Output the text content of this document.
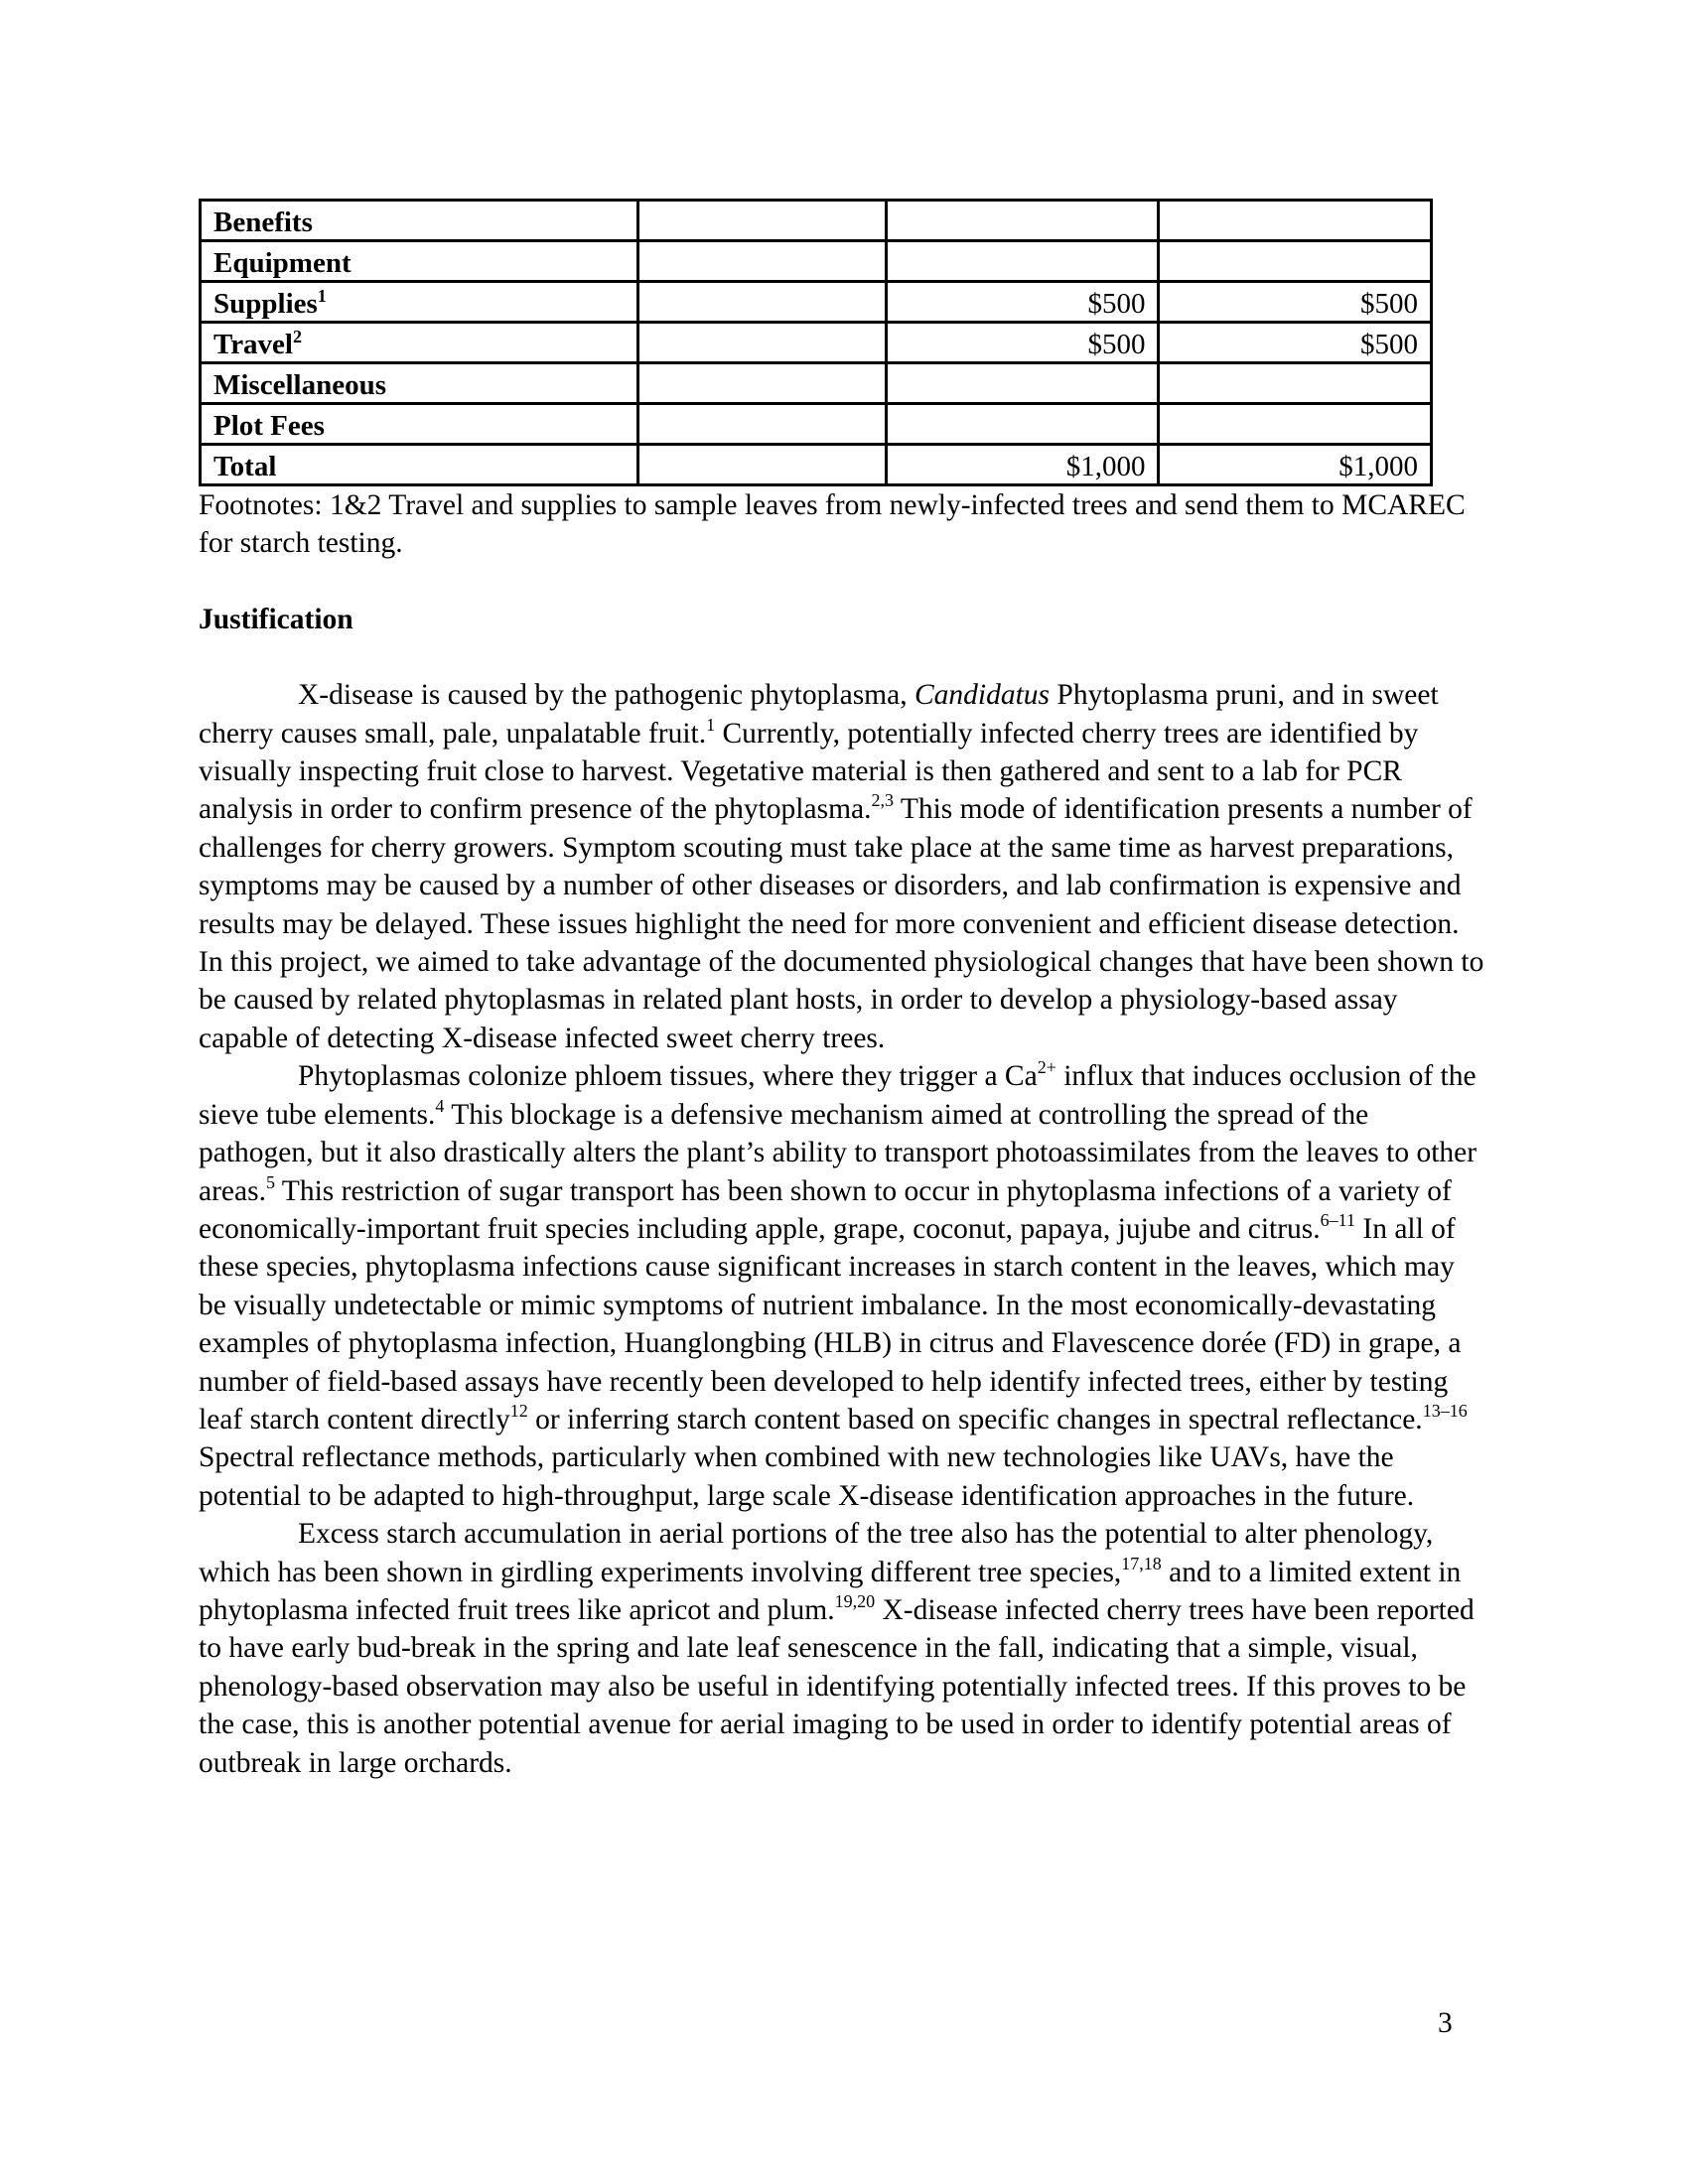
Benefits			
Equipment			
Supplies$^1$		$500	$500
Travel$^2$		$500	$500
Miscellaneous			
Plot Fees			
Total		$1,000	$1,000

Footnotes: 1&2 Travel and supplies to sample leaves from newly-infected trees and send them to MCAREC for starch testing.

Justification

X-disease is caused by the pathogenic phytoplasma, Candidatus Phytoplasma pruni, and in sweet cherry causes small, pale, unpalatable fruit.$^1$ Currently, potentially infected cherry trees are identified by visually inspecting fruit close to harvest. Vegetative material is then gathered and sent to a lab for PCR analysis in order to confirm presence of the phytoplasma.$^{2,3}$ This mode of identification presents a number of challenges for cherry growers. Symptom scouting must take place at the same time as harvest preparations, symptoms may be caused by a number of other diseases or disorders, and lab confirmation is expensive and results may be delayed. These issues highlight the need for more convenient and efficient disease detection. In this project, we aimed to take advantage of the documented physiological changes that have been shown to be caused by related phytoplasmas in related plant hosts, in order to develop a physiology-based assay capable of detecting X-disease infected sweet cherry trees.

Phytoplasmas colonize phloem tissues, where they trigger a $Ca^{2+}$ influx that induces occlusion of the sieve tube elements.$^4$ This blockage is a defensive mechanism aimed at controlling the spread of the pathogen, but it also drastically alters the plant’s ability to transport photoassimilates from the leaves to other areas.$^5$ This restriction of sugar transport has been shown to occur in phytoplasma infections of a variety of economically-important fruit species including apple, grape, coconut, papaya, jujube and citrus.$^{6-11}$ In all of these species, phytoplasma infections cause significant increases in starch content in the leaves, which may be visually undetectable or mimic symptoms of nutrient imbalance. In the most economically-devastating examples of phytoplasma infection, Huanglongbing (HLB) in citrus and Flavescence dorée (FD) in grape, a number of field-based assays have recently been developed to help identify infected trees, either by testing leaf starch content directly$^{12}$ or inferring starch content based on specific changes in spectral reflectance.$^{13-16}$ Spectral reflectance methods, particularly when combined with new technologies like UAVs, have the potential to be adapted to high-throughput, large scale X-disease identification approaches in the future.

Excess starch accumulation in aerial portions of the tree also has the potential to alter phenology, which has been shown in girdling experiments involving different tree species,$^{17,18}$ and to a limited extent in phytoplasma infected fruit trees like apricot and plum.$^{19,20}$ X-disease infected cherry trees have been reported to have early bud-break in the spring and late leaf senescence in the fall, indicating that a simple, visual, phenology-based observation may also be useful in identifying potentially infected trees. If this proves to be the case, this is another potential avenue for aerial imaging to be used in order to identify potential areas of outbreak in large orchards.

3
